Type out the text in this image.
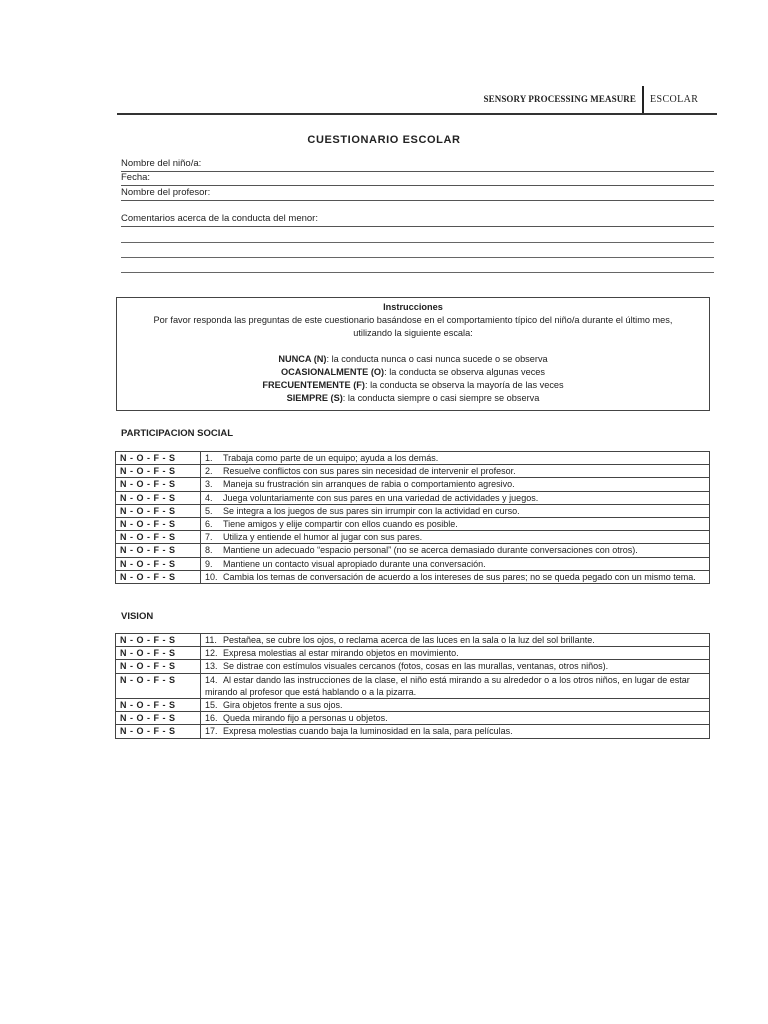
SENSORY PROCESSING MEASURE ESCOLAR
CUESTIONARIO ESCOLAR
Nombre del niño/a:
Fecha:
Nombre del profesor:
Comentarios acerca de la conducta del menor:
Instrucciones
Por favor responda las preguntas de este cuestionario basándose en el comportamiento típico del niño/a durante el último mes,
utilizando la siguiente escala:
NUNCA (N): la conducta nunca o casi nunca sucede o se observa
OCASIONALMENTE (O): la conducta se observa algunas veces
FRECUENTEMENTE (F): la conducta se observa la mayoría de las veces
SIEMPRE (S): la conducta siempre o casi siempre se observa
PARTICIPACION SOCIAL
N - O - F - S	1. Trabaja como parte de un equipo; ayuda a los demás.
N - O - F - S	2. Resuelve conflictos con sus pares sin necesidad de intervenir el profesor.
N - O - F - S	3. Maneja su frustración sin arranques de rabia o comportamiento agresivo.
N - O - F - S	4. Juega voluntariamente con sus pares en una variedad de actividades y juegos.
N - O - F - S	5. Se integra a los juegos de sus pares sin irrumpir con la actividad en curso.
N - O - F - S	6. Tiene amigos y elije compartir con ellos cuando es posible.
N - O - F - S	7. Utiliza y entiende el humor al jugar con sus pares.
N - O - F - S	8. Mantiene un adecuado “espacio personal” (no se acerca demasiado durante conversaciones con otros).
N - O - F - S	9. Mantiene un contacto visual apropiado durante una conversación.
N - O - F - S	10. Cambia los temas de conversación de acuerdo a los intereses de sus pares; no se queda pegado con un mismo tema.
VISION
N - O - F - S	11. Pestañea, se cubre los ojos, o reclama acerca de las luces en la sala o la luz del sol brillante.
N - O - F - S	12. Expresa molestias al estar mirando objetos en movimiento.
N - O - F - S	13. Se distrae con estímulos visuales cercanos (fotos, cosas en las murallas, ventanas, otros niños).
N - O - F - S	14. Al estar dando las instrucciones de la clase, el niño está mirando a su alrededor o a los otros niños, en lugar de estar mirando al profesor que está hablando o a la pizarra.
N - O - F - S	15. Gira objetos frente a sus ojos.
N - O - F - S	16. Queda mirando fijo a personas u objetos.
N - O - F - S	17. Expresa molestias cuando baja la luminosidad en la sala, para películas.
